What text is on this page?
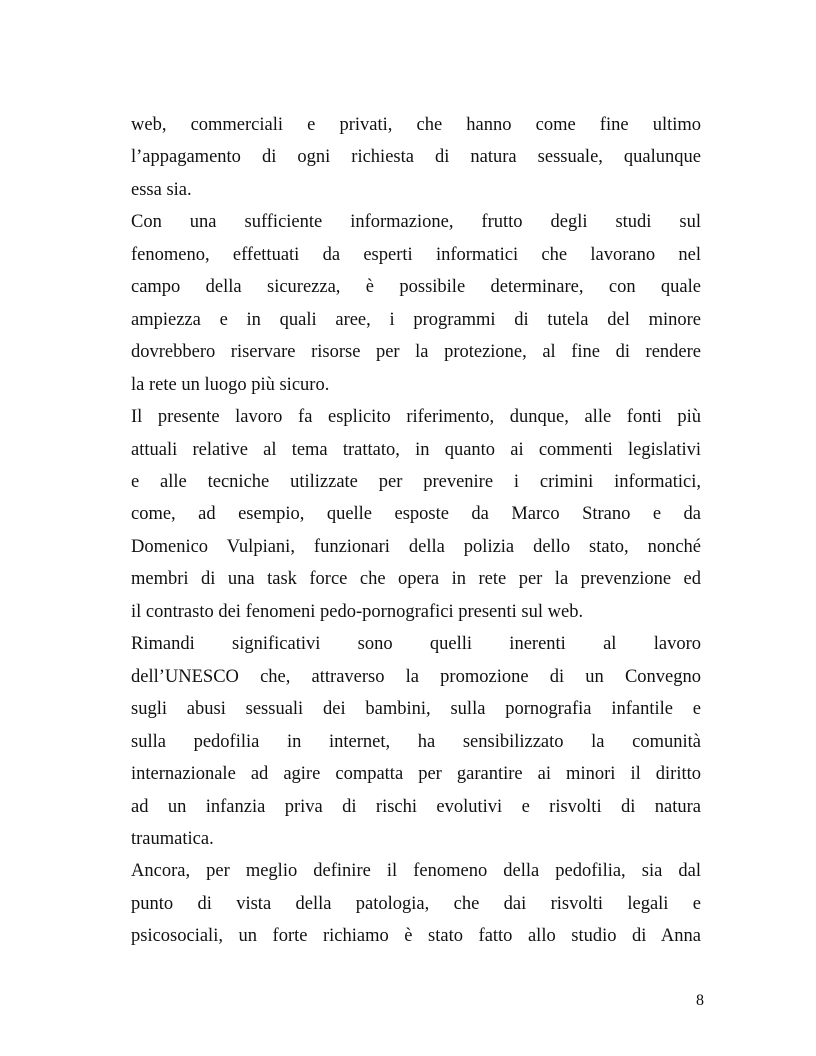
web, commerciali e privati, che hanno come fine ultimo
l’appagamento di ogni richiesta di natura sessuale, qualunque
essa sia.
Con una sufficiente informazione, frutto degli studi sul
fenomeno, effettuati da esperti informatici che lavorano nel
campo della sicurezza, è possibile determinare, con quale
ampiezza e in quali aree, i programmi di tutela del minore
dovrebbero riservare risorse per la protezione, al fine di rendere
la rete un luogo più sicuro.
Il presente lavoro fa esplicito riferimento, dunque, alle fonti più
attuali relative al tema trattato, in quanto ai commenti legislativi
e alle tecniche utilizzate per prevenire i crimini informatici,
come, ad esempio, quelle esposte da Marco Strano e da
Domenico Vulpiani, funzionari della polizia dello stato, nonché
membri di una task force che opera in rete per la prevenzione ed
il contrasto dei fenomeni pedo-pornografici presenti sul web.
Rimandi significativi sono quelli inerenti al lavoro
dell’UNESCO che, attraverso la promozione di un Convegno
sugli abusi sessuali dei bambini, sulla pornografia infantile e
sulla pedofilia in internet, ha sensibilizzato la comunità
internazionale ad agire compatta per garantire ai minori il diritto
ad un infanzia priva di rischi evolutivi e risvolti di natura
traumatica.
Ancora, per meglio definire il fenomeno della pedofilia, sia dal
punto di vista della patologia, che dai risvolti legali e
psicosociali, un forte richiamo è stato fatto allo studio di Anna
8
